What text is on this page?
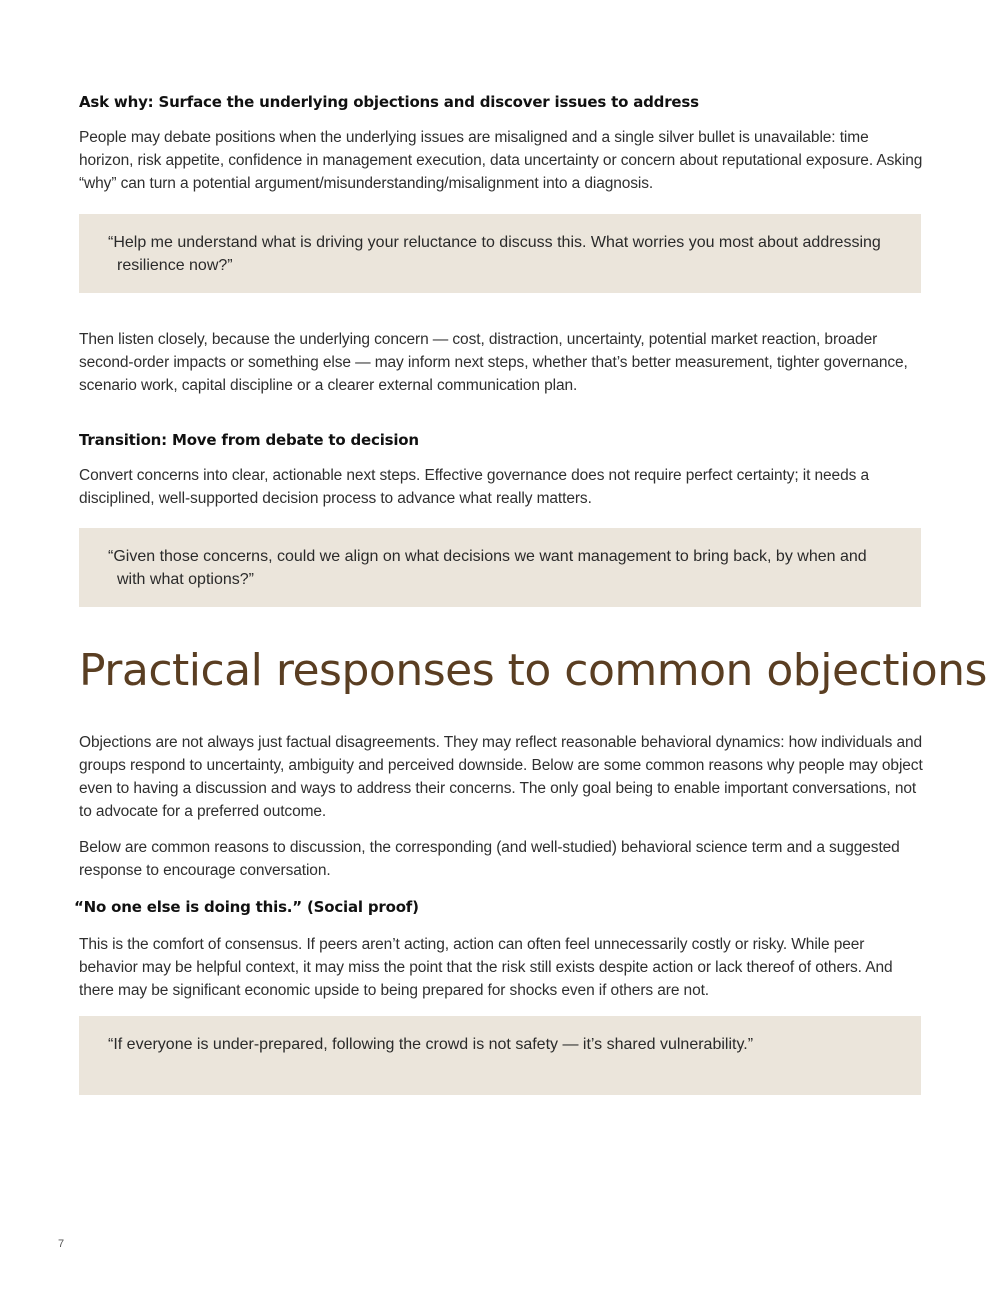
Ask why: Surface the underlying objections and discover issues to address

People may debate positions when the underlying issues are misaligned and a single silver bullet is unavailable: time horizon, risk appetite, confidence in management execution, data uncertainty or concern about reputational exposure. Asking “why” can turn a potential argument/misunderstanding/misalignment into a diagnosis.

“Help me understand what is driving your reluctance to discuss this. What worries you most about addressing resilience now?”

Then listen closely, because the underlying concern — cost, distraction, uncertainty, potential market reaction, broader second-order impacts or something else — may inform next steps, whether that’s better measurement, tighter governance, scenario work, capital discipline or a clearer external communication plan.

Transition: Move from debate to decision

Convert concerns into clear, actionable next steps. Effective governance does not require perfect certainty; it needs a disciplined, well-supported decision process to advance what really matters.

“Given those concerns, could we align on what decisions we want management to bring back, by when and with what options?”

Practical responses to common objections

Objections are not always just factual disagreements. They may reflect reasonable behavioral dynamics: how individuals and groups respond to uncertainty, ambiguity and perceived downside. Below are some common reasons why people may object even to having a discussion and ways to address their concerns. The only goal being to enable important conversations, not to advocate for a preferred outcome.

Below are common reasons to discussion, the corresponding (and well-studied) behavioral science term and a suggested response to encourage conversation.

“No one else is doing this.” (Social proof)

This is the comfort of consensus. If peers aren’t acting, action can often feel unnecessarily costly or risky. While peer behavior may be helpful context, it may miss the point that the risk still exists despite action or lack thereof of others. And there may be significant economic upside to being prepared for shocks even if others are not.

“If everyone is under-prepared, following the crowd is not safety — it’s shared vulnerability.”

7
